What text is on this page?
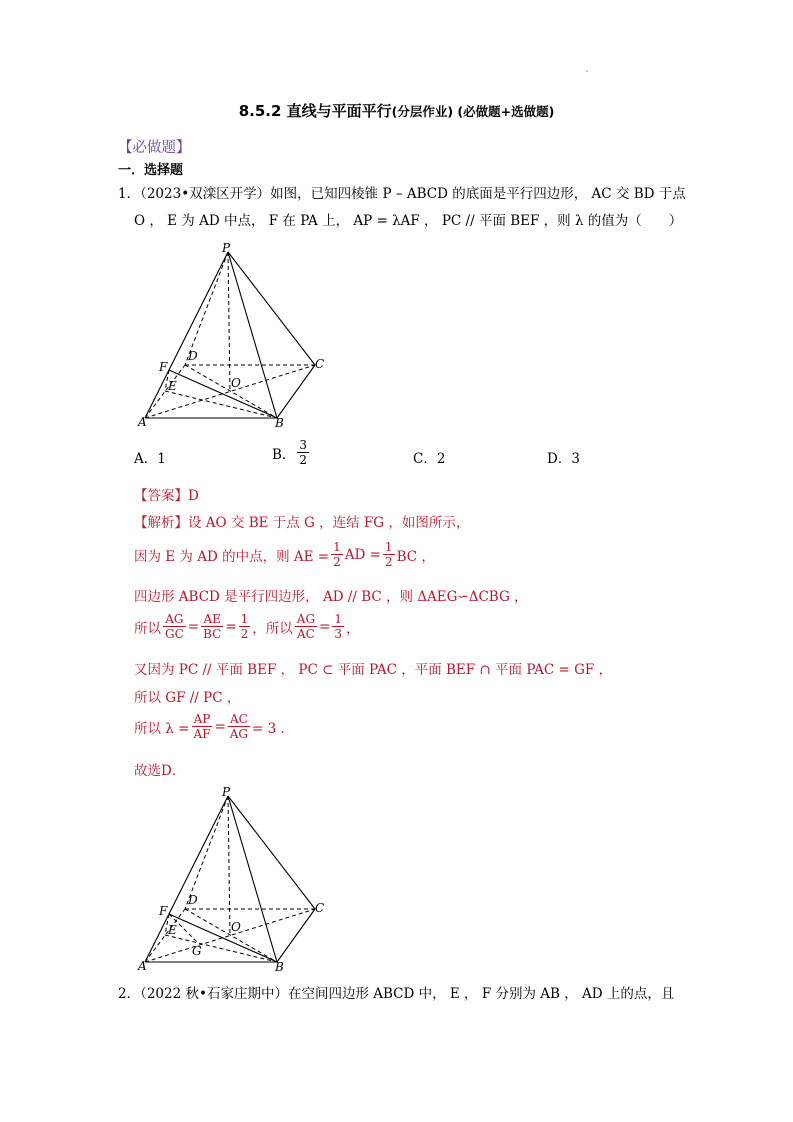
8.5.2 直线与平面平行(分层作业) (必做题+选做题)
【必做题】
一．选择题
1．（2023•双滦区开学）如图，已知四棱锥 P – ABCD 的底面是平行四边形， AC 交 BD 于点
O ， E 为 AD 中点， F 在 PA 上， AP = λAF ， PC // 平面 BEF ，则 λ 的值为（　　）
P
D
C
F
E	O
A	B
A．1	B． $\frac{3}{2}$	C．2	D．3
【答案】D
【解析】设 AO 交 BE 于点 G ，连结 FG ，如图所示，
因为 E 为 AD 的中点，则 AE = $\frac{1}{2}$ AD = $\frac{1}{2}$ BC ，
四边形 ABCD 是平行四边形， AD // BC ，则 ΔAEG∽ΔCBG ，
所以 $\frac{AG}{GC} = \frac{AE}{BC} = \frac{1}{2}$ ，所以 $\frac{AG}{AC} = \frac{1}{3}$ ，
又因为 PC // 平面 BEF ， PC ⊂ 平面 PAC ，平面 BEF ∩ 平面 PAC = GF ，
所以 GF // PC ，
所以 $\lambda = \frac{AP}{AF} = \frac{AC}{AG} = 3$ ．
故选D．
P
D
C
F
E	O
G
A	B
2．（2022 秋•石家庄期中）在空间四边形 ABCD 中， E ， F 分别为 AB ， AD 上的点，且
